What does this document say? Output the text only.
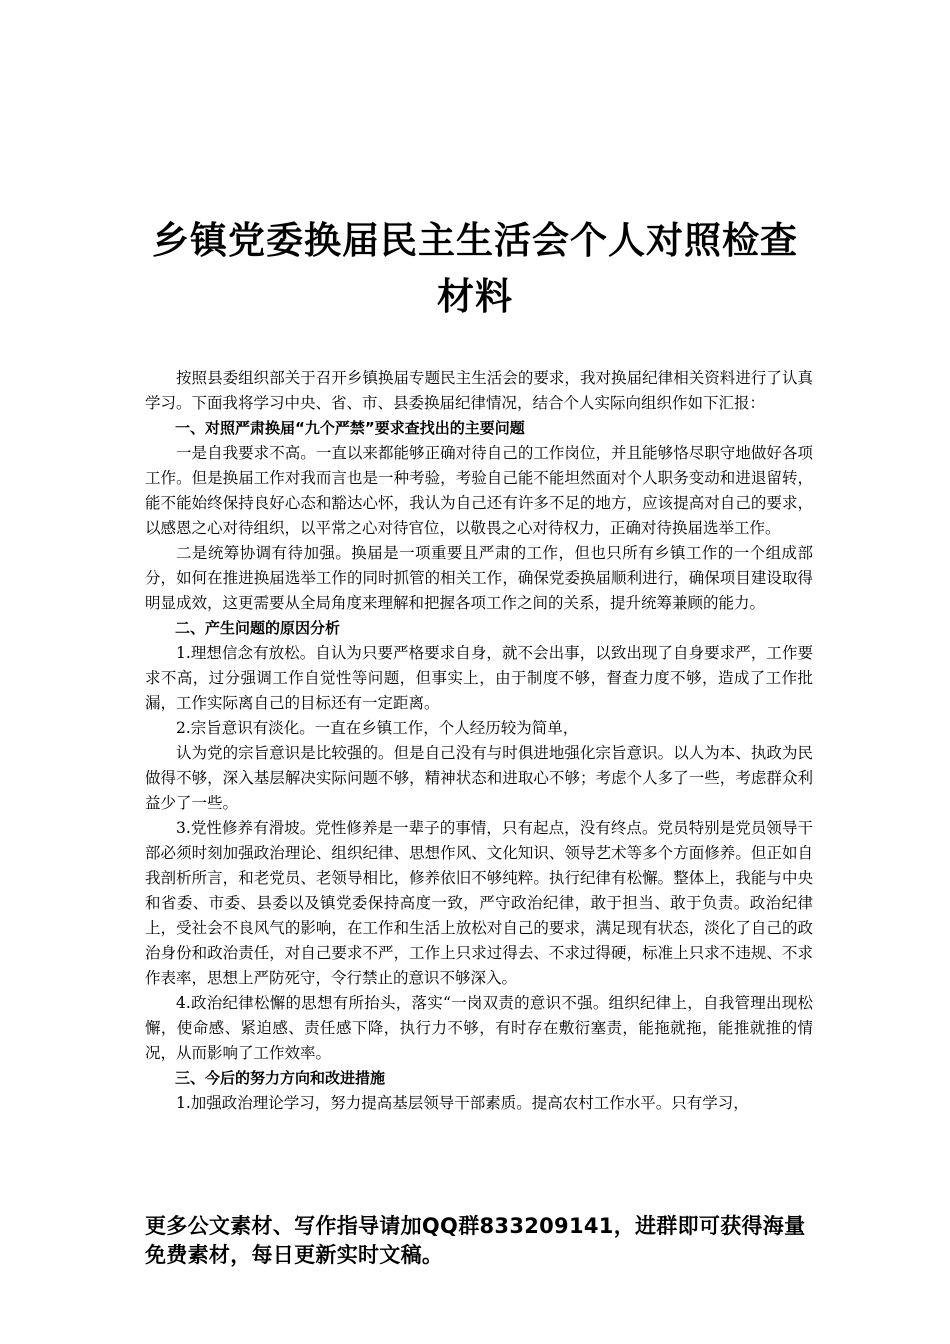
乡镇党委换届民主生活会个人对照检查材料

按照县委组织部关于召开乡镇换届专题民主生活会的要求，我对换届纪律相关资料进行了认真学习。下面我将学习中央、省、市、县委换届纪律情况，结合个人实际向组织作如下汇报：

一、对照严肃换届“九个严禁”要求查找出的主要问题

一是自我要求不高。一直以来都能够正确对待自己的工作岗位，并且能够恪尽职守地做好各项工作。但是换届工作对我而言也是一种考验，考验自己能不能坦然面对个人职务变动和进退留转，能不能始终保持良好心态和豁达心怀，我认为自己还有许多不足的地方，应该提高对自己的要求，以感恩之心对待组织，以平常之心对待官位，以敬畏之心对待权力，正确对待换届选举工作。

二是统筹协调有待加强。换届是一项重要且严肃的工作，但也只所有乡镇工作的一个组成部分，如何在推进换届选举工作的同时抓管的相关工作，确保党委换届顺利进行，确保项目建设取得明显成效，这更需要从全局角度来理解和把握各项工作之间的关系，提升统筹兼顾的能力。

二、产生问题的原因分析

1.理想信念有放松。自认为只要严格要求自身，就不会出事，以致出现了自身要求严，工作要求不高，过分强调工作自觉性等问题，但事实上，由于制度不够，督查力度不够，造成了工作批漏，工作实际离自己的目标还有一定距离。

2.宗旨意识有淡化。一直在乡镇工作，个人经历较为简单，

认为党的宗旨意识是比较强的。但是自己没有与时俱进地强化宗旨意识。以人为本、执政为民做得不够，深入基层解决实际问题不够，精神状态和进取心不够；考虑个人多了一些，考虑群众利益少了一些。

3.党性修养有滑坡。党性修养是一辈子的事情，只有起点，没有终点。党员特别是党员领导干部必须时刻加强政治理论、组织纪律、思想作风、文化知识、领导艺术等多个方面修养。但正如自我剖析所言，和老党员、老领导相比，修养依旧不够纯粹。执行纪律有松懈。整体上，我能与中央和省委、市委、县委以及镇党委保持高度一致，严守政治纪律，敢于担当、敢于负责。政治纪律上，受社会不良风气的影响，在工作和生活上放松对自己的要求，满足现有状态，淡化了自己的政治身份和政治责任，对自己要求不严，工作上只求过得去、不求过得硬，标准上只求不违规、不求作表率，思想上严防死守，令行禁止的意识不够深入。

4.政治纪律松懈的思想有所抬头，落实“一岗双责的意识不强。组织纪律上，自我管理出现松懈，使命感、紧迫感、责任感下降，执行力不够，有时存在敷衍塞责，能拖就拖，能推就推的情况，从而影响了工作效率。

三、今后的努力方向和改进措施

1.加强政治理论学习，努力提高基层领导干部素质。提高农村工作水平。只有学习，

更多公文素材、写作指导请加QQ群833209141，进群即可获得海量免费素材，每日更新实时文稿。
